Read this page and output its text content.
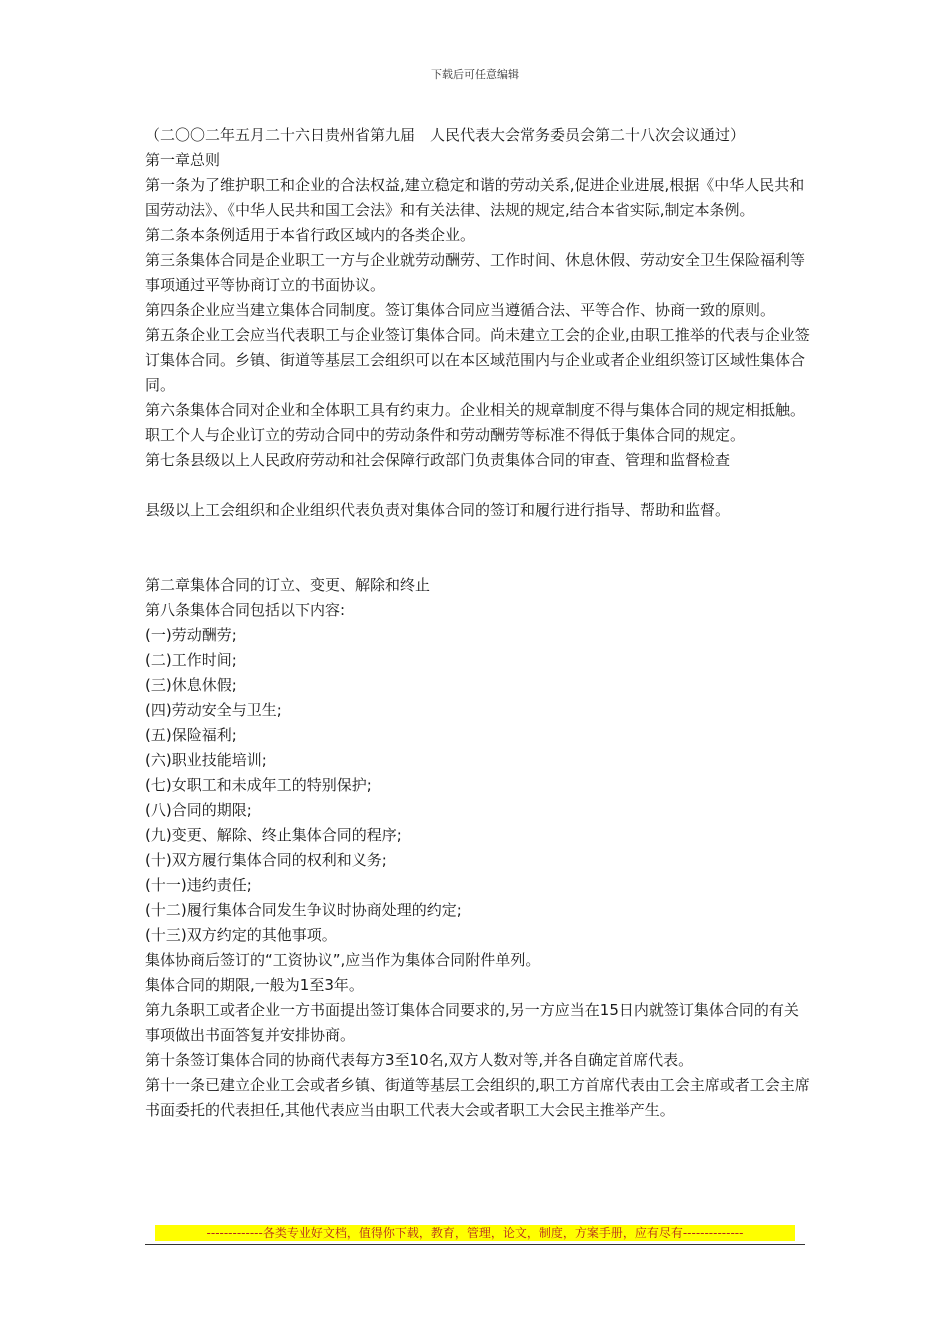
下载后可任意编辑

（二〇〇二年五月二十六日贵州省第九届　人民代表大会常务委员会第二十八次会议通过）

第一章总则

第一条为了维护职工和企业的合法权益,建立稳定和谐的劳动关系,促进企业进展,根据《中华人民共和国劳动法》、《中华人民共和国工会法》和有关法律、法规的规定,结合本省实际,制定本条例。

第二条本条例适用于本省行政区域内的各类企业。

第三条集体合同是企业职工一方与企业就劳动酬劳、工作时间、休息休假、劳动安全卫生保险福利等事项通过平等协商订立的书面协议。

第四条企业应当建立集体合同制度。签订集体合同应当遵循合法、平等合作、协商一致的原则。

第五条企业工会应当代表职工与企业签订集体合同。尚未建立工会的企业,由职工推举的代表与企业签订集体合同。乡镇、街道等基层工会组织可以在本区域范围内与企业或者企业组织签订区域性集体合同。

第六条集体合同对企业和全体职工具有约束力。企业相关的规章制度不得与集体合同的规定相抵触。职工个人与企业订立的劳动合同中的劳动条件和劳动酬劳等标准不得低于集体合同的规定。

第七条县级以上人民政府劳动和社会保障行政部门负责集体合同的审查、管理和监督检查

县级以上工会组织和企业组织代表负责对集体合同的签订和履行进行指导、帮助和监督。

第二章集体合同的订立、变更、解除和终止

第八条集体合同包括以下内容:

(一)劳动酬劳;

(二)工作时间;

(三)休息休假;

(四)劳动安全与卫生;

(五)保险福利;

(六)职业技能培训;

(七)女职工和未成年工的特别保护;

(八)合同的期限;

(九)变更、解除、终止集体合同的程序;

(十)双方履行集体合同的权利和义务;

(十一)违约责任;

(十二)履行集体合同发生争议时协商处理的约定;

(十三)双方约定的其他事项。

集体协商后签订的“工资协议”,应当作为集体合同附件单列。

集体合同的期限,一般为1至3年。

第九条职工或者企业一方书面提出签订集体合同要求的,另一方应当在15日内就签订集体合同的有关事项做出书面答复并安排协商。

第十条签订集体合同的协商代表每方3至10名,双方人数对等,并各自确定首席代表。

第十一条已建立企业工会或者乡镇、街道等基层工会组织的,职工方首席代表由工会主席或者工会主席书面委托的代表担任,其他代表应当由职工代表大会或者职工大会民主推举产生。

-------------各类专业好文档，值得你下载，教育，管理，论文，制度，方案手册，应有尽有--------------
